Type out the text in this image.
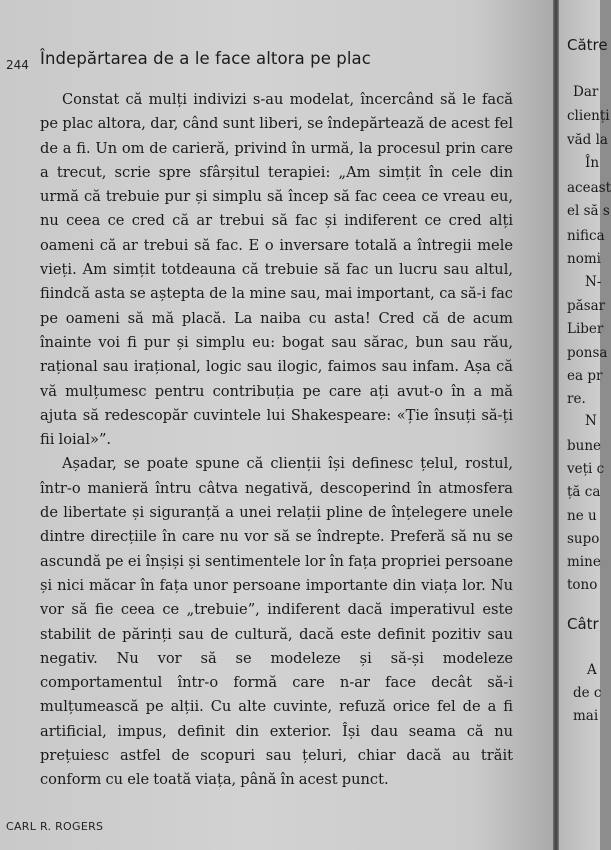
244 Îndepărtarea de a le face altora pe plac

Constat că mulți indivizi s-au modelat, încercând să le facă pe plac altora, dar, când sunt liberi, se îndepărtează de acest fel de a fi. Un om de carieră, privind în urmă, la procesul prin care a trecut, scrie spre sfârșitul terapiei: „Am simțit în cele din urmă că trebuie pur și simplu să încep să fac ceea ce vreau eu, nu ceea ce cred că ar trebui să fac și indiferent ce cred alți oameni că ar trebui să fac. E o inversare totală a întregii mele vieți. Am simțit totdeauna că trebuie să fac un lucru sau altul, fiindcă asta se aștepta de la mine sau, mai important, ca să-i fac pe oameni să mă placă. La naiba cu asta! Cred că de acum înainte voi fi pur și simplu eu: bogat sau sărac, bun sau rău, rațional sau irațional, logic sau ilogic, faimos sau infam. Așa că vă mulțumesc pentru contribuția pe care ați avut-o în a mă ajuta să redescopăr cuvintele lui Shakespeare: «Ție însuți să-ți fii loial»”.

Așadar, se poate spune că clienții își definesc țelul, rostul, într-o manieră întru câtva negativă, descoperind în atmosfera de libertate și siguranță a unei relații pline de înțelegere unele dintre direcțiile în care nu vor să se îndrepte. Preferă să nu se ascundă pe ei înșiși și sentimentele lor în fața propriei persoane și nici măcar în fața unor persoane importante din viața lor. Nu vor să fie ceea ce „trebuie”, indiferent dacă imperativul este stabilit de părinți sau de cultură, dacă este definit pozitiv sau negativ. Nu vor să se modeleze și să-și modeleze comportamentul într-o formă care n-ar face decât să-i mulțumească pe alții. Cu alte cuvinte, refuză orice fel de a fi artificial, impus, definit din exterior. Își dau seama că nu prețuiesc astfel de scopuri sau țeluri, chiar dacă au trăit conform cu ele toată viața, până în acest punct.

CARL R. ROGERS
Către
Dar
clienți
văd la
În
aceast
el să s
nifica
nomi
N-
păsar
Liber
ponsa
ea pr
re.
N
bune
veți c
ță ca
ne u
supo
mine
tono
Câtr
A
de c
mai
